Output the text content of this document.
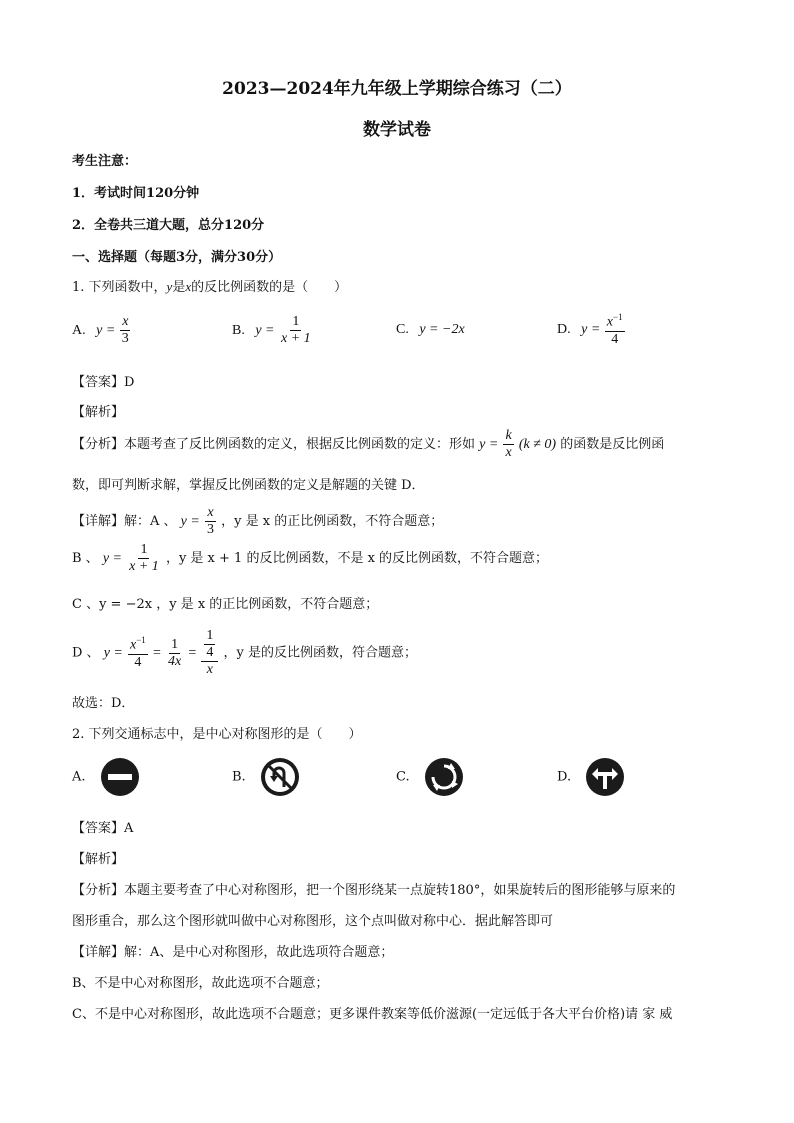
2023—2024年九年级上学期综合练习（二）
数学试卷
考生注意：
1．考试时间120分钟
2．全卷共三道大题，总分120分
一、选择题（每题3分，满分30分）
1. 下列函数中，y是x的反比例函数的是（　　）
A. $y = \frac{x}{3}$	B. $y = \frac{1}{x + 1}$	C. y = −2x	D. $y = \frac{x^{-1}}{4}$
【答案】D
【解析】
【分析】本题考查了反比例函数的定义，根据反比例函数的定义：形如 $y = \frac{k}{x} (k \ne 0)$ 的函数是反比例函
数，即可判断求解，掌握反比例函数的定义是解题的关键 D．
【详解】解：A 、 $y = \frac{x}{3}$ ，y 是 x 的正比例函数，不符合题意；
B 、 $y = \frac{1}{x + 1}$ ，y 是 x + 1 的反比例函数，不是 x 的反比例函数，不符合题意；
C 、y = −2x ，y 是 x 的正比例函数，不符合题意；
D 、 $y = \frac{x^{-1}}{4} = \frac{1}{4x} = \frac{\frac{1}{4}}{x}$ ，y 是的反比例函数，符合题意；
故选：D．
2. 下列交通标志中，是中心对称图形的是（　　）
A.	B.	C.	D.
【答案】A
【解析】
【分析】本题主要考查了中心对称图形，把一个图形绕某一点旋转180°，如果旋转后的图形能够与原来的
图形重合，那么这个图形就叫做中心对称图形，这个点叫做对称中心．据此解答即可
【详解】解：A、是中心对称图形，故此选项符合题意；
B、不是中心对称图形，故此选项不合题意；
C、不是中心对称图形，故此选项不合题意；更多课件教案等低价滋源(一定远低于各大平台价格)请 家 威
